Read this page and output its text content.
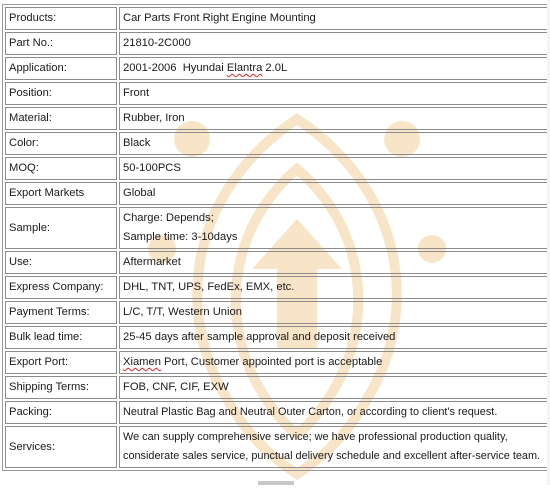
Products:	Car Parts Front Right Engine Mounting
Part No.:	21810-2C000
Application:	2001-2006  Hyundai Elantra 2.0L
Position:	Front
Material:	Rubber, Iron
Color:	Black
MOQ:	50-100PCS
Export Markets	Global
Sample:	Charge: Depends;
Sample time: 3-10days

Use:	Aftermarket
Express Company:	DHL, TNT, UPS, FedEx, EMX, etc.
Payment Terms:	L/C, T/T, Western Union
Bulk lead time:	25-45 days after sample approval and deposit received
Export Port:	Xiamen Port, Customer appointed port is acceptable
Shipping Terms:	FOB, CNF, CIF, EXW
Packing:	Neutral Plastic Bag and Neutral Outer Carton, or according to client's request.
Services:	We can supply comprehensive service; we have professional production quality, considerate sales service, punctual delivery schedule and excellent after-service team.
